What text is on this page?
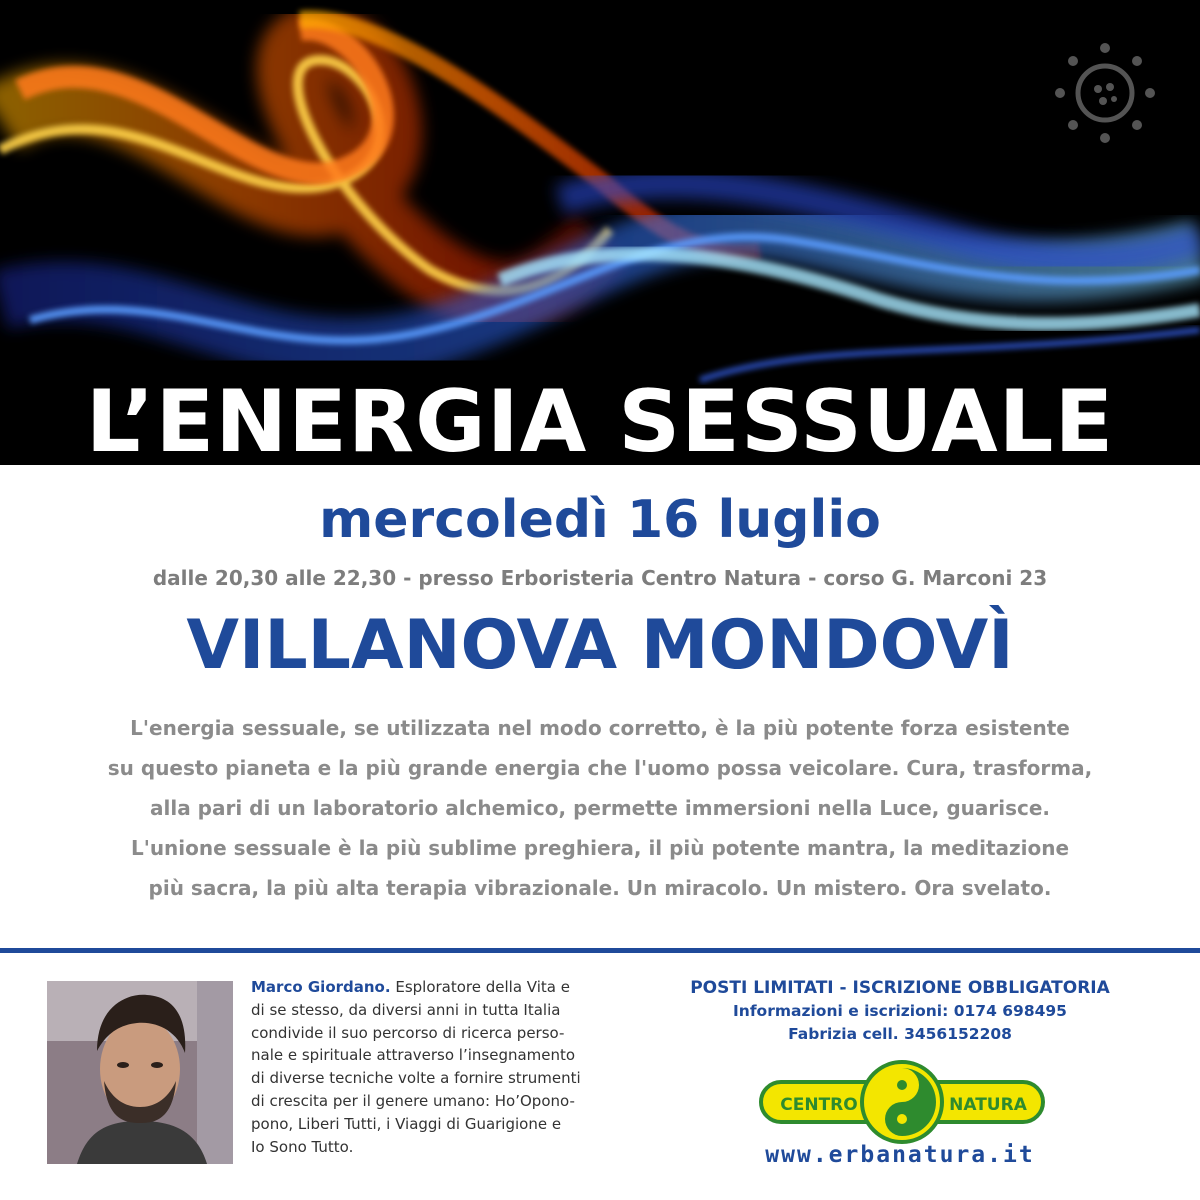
L’ENERGIA SESSUALE
mercoledì 16 luglio
dalle 20,30 alle 22,30 - presso Erboristeria Centro Natura - corso G. Marconi 23
VILLANOVA MONDOVÌ

L'energia sessuale, se utilizzata nel modo corretto, è la più potente forza esistente

su questo pianeta e la più grande energia che l'uomo possa veicolare. Cura, trasforma,

alla pari di un laboratorio alchemico, permette immersioni nella Luce, guarisce.

L'unione sessuale è la più sublime preghiera, il più potente mantra, la meditazione

più sacra, la più alta terapia vibrazionale. Un miracolo. Un mistero. Ora svelato.

Marco Giordano. Esploratore della Vita e

di se stesso, da diversi anni in tutta Italia

condivide il suo percorso di ricerca perso-

nale e spirituale attraverso l’insegnamento

di diverse tecniche volte a fornire strumenti

di crescita per il genere umano: Ho’Opono-

pono, Liberi Tutti, i Viaggi di Guarigione e

Io Sono Tutto.

POSTI LIMITATI - ISCRIZIONE OBBLIGATORIA
Informazioni e iscrizioni: 0174 698495
Fabrizia cell. 3456152208
CENTRO	NATURA
www.erbanatura.it
